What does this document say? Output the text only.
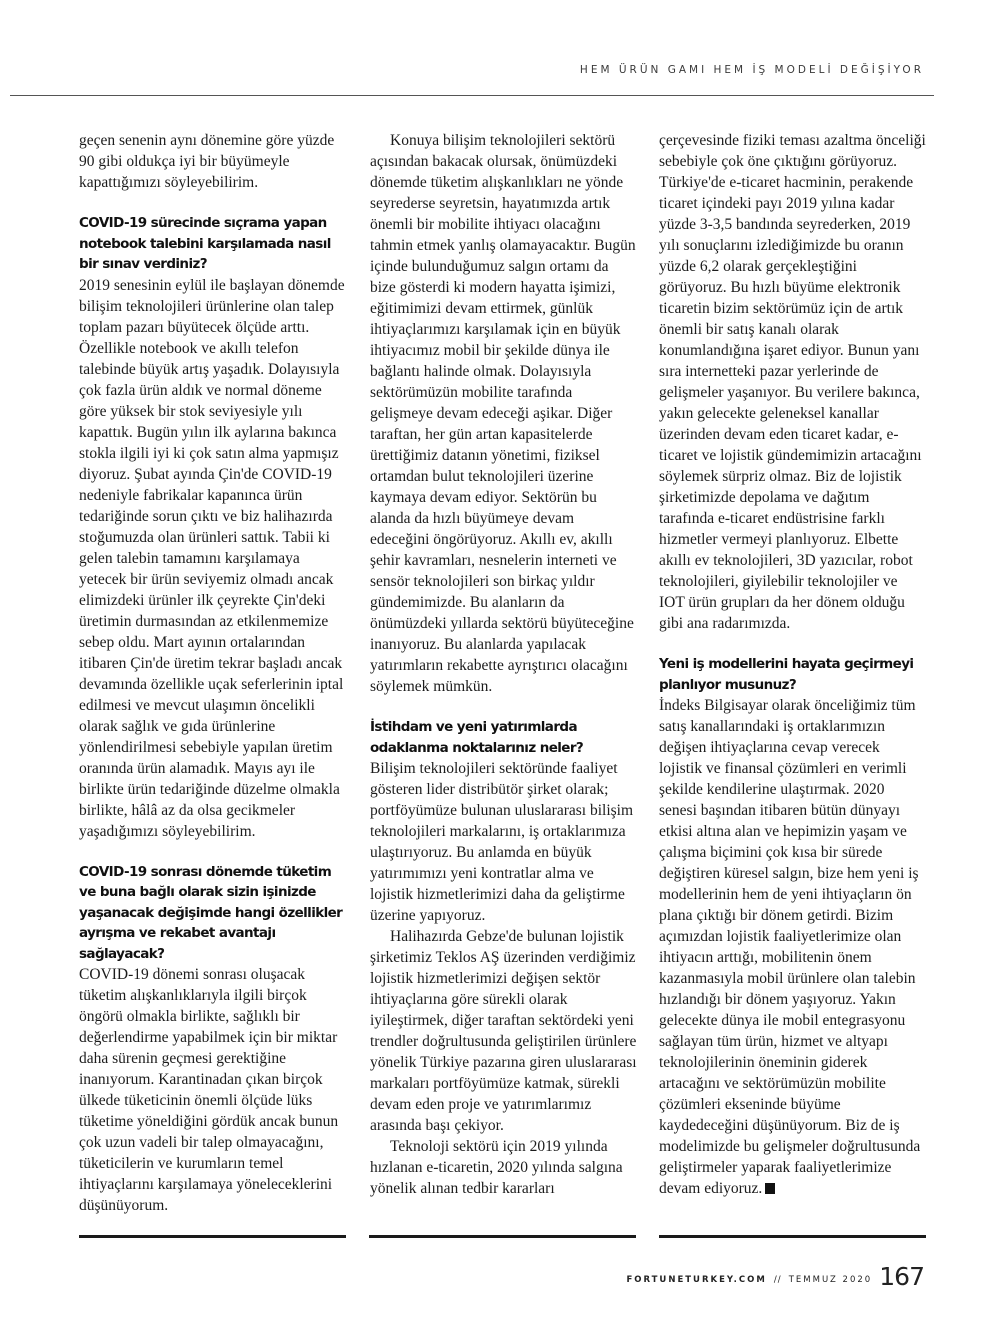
HEM ÜRÜN GAMI HEM İŞ MODELİ DEĞİŞİYOR

geçen senenin aynı dönemine göre yüzde 90 gibi oldukça iyi bir büyümeyle kapattığımızı söyleyebilirim.

COVID-19 sürecinde sıçrama yapan notebook talebini karşılamada nasıl bir sınav verdiniz?

2019 senesinin eylül ile başlayan dönemde bilişim teknolojileri ürünlerine olan talep toplam pazarı büyütecek ölçüde arttı. Özellikle notebook ve akıllı telefon talebinde büyük artış yaşadık. Dolayısıyla çok fazla ürün aldık ve normal döneme göre yüksek bir stok seviyesiyle yılı kapattık. Bugün yılın ilk aylarına bakınca stokla ilgili iyi ki çok satın alma yapmışız diyoruz. Şubat ayında Çin'de COVID-19 nedeniyle fabrikalar kapanınca ürün tedariğinde sorun çıktı ve biz halihazırda stoğumuzda olan ürünleri sattık. Tabii ki gelen talebin tamamını karşılamaya yetecek bir ürün seviyemiz olmadı ancak elimizdeki ürünler ilk çeyrekte Çin'deki üretimin durmasından az etkilenmemize sebep oldu. Mart ayının ortalarından itibaren Çin'de üretim tekrar başladı ancak devamında özellikle uçak seferlerinin iptal edilmesi ve mevcut ulaşımın öncelikli olarak sağlık ve gıda ürünlerine yönlendirilmesi sebebiyle yapılan üretim oranında ürün alamadık. Mayıs ayı ile birlikte ürün tedariğinde düzelme olmakla birlikte, hâlâ az da olsa gecikmeler yaşadığımızı söyleyebilirim.

COVID-19 sonrası dönemde tüketim ve buna bağlı olarak sizin işinizde yaşanacak değişimde hangi özellikler ayrışma ve rekabet avantajı sağlayacak?

COVID-19 dönemi sonrası oluşacak tüketim alışkanlıklarıyla ilgili birçok öngörü olmakla birlikte, sağlıklı bir değerlendirme yapabilmek için bir miktar daha sürenin geçmesi gerektiğine inanıyorum. Karantinadan çıkan birçok ülkede tüketicinin önemli ölçüde lüks tüketime yöneldiğini gördük ancak bunun çok uzun vadeli bir talep olmayacağını, tüketicilerin ve kurumların temel ihtiyaçlarını karşılamaya yöneleceklerini düşünüyorum.

Konuya bilişim teknolojileri sektörü açısından bakacak olursak, önümüzdeki dönemde tüketim alışkanlıkları ne yönde seyrederse seyretsin, hayatımızda artık önemli bir mobilite ihtiyacı olacağını tahmin etmek yanlış olamayacaktır. Bugün içinde bulunduğumuz salgın ortamı da bize gösterdi ki modern hayatta işimizi, eğitimimizi devam ettirmek, günlük ihtiyaçlarımızı karşılamak için en büyük ihtiyacımız mobil bir şekilde dünya ile bağlantı halinde olmak. Dolayısıyla sektörümüzün mobilite tarafında gelişmeye devam edeceği aşikar. Diğer taraftan, her gün artan kapasitelerde ürettiğimiz datanın yönetimi, fiziksel ortamdan bulut teknolojileri üzerine kaymaya devam ediyor. Sektörün bu alanda da hızlı büyümeye devam edeceğini öngörüyoruz. Akıllı ev, akıllı şehir kavramları, nesnelerin interneti ve sensör teknolojileri son birkaç yıldır gündemimizde. Bu alanların da önümüzdeki yıllarda sektörü büyüteceğine inanıyoruz. Bu alanlarda yapılacak yatırımların rekabette ayrıştırıcı olacağını söylemek mümkün.

İstihdam ve yeni yatırımlarda odaklanma noktalarınız neler?

Bilişim teknolojileri sektöründe faaliyet gösteren lider distribütör şirket olarak; portföyümüze bulunan uluslararası bilişim teknolojileri markalarını, iş ortaklarımıza ulaştırıyoruz. Bu anlamda en büyük yatırımımızı yeni kontratlar alma ve lojistik hizmetlerimizi daha da geliştirme üzerine yapıyoruz.

Halihazırda Gebze'de bulunan lojistik şirketimiz Teklos AŞ üzerinden verdiğimiz lojistik hizmetlerimizi değişen sektör ihtiyaçlarına göre sürekli olarak iyileştirmek, diğer taraftan sektördeki yeni trendler doğrultusunda geliştirilen ürünlere yönelik Türkiye pazarına giren uluslararası markaları portföyümüze katmak, sürekli devam eden proje ve yatırımlarımız arasında başı çekiyor.

Teknoloji sektörü için 2019 yılında hızlanan e-ticaretin, 2020 yılında salgına yönelik alınan tedbir kararları

çerçevesinde fiziki teması azaltma önceliği sebebiyle çok öne çıktığını görüyoruz. Türkiye'de e-ticaret hacminin, perakende ticaret içindeki payı 2019 yılına kadar yüzde 3-3,5 bandında seyrederken, 2019 yılı sonuçlarını izlediğimizde bu oranın yüzde 6,2 olarak gerçekleştiğini görüyoruz. Bu hızlı büyüme elektronik ticaretin bizim sektörümüz için de artık önemli bir satış kanalı olarak konumlandığına işaret ediyor. Bunun yanı sıra internetteki pazar yerlerinde de gelişmeler yaşanıyor. Bu verilere bakınca, yakın gelecekte geleneksel kanallar üzerinden devam eden ticaret kadar, e-ticaret ve lojistik gündemimizin artacağını söylemek sürpriz olmaz. Biz de lojistik şirketimizde depolama ve dağıtım tarafında e-ticaret endüstrisine farklı hizmetler vermeyi planlıyoruz. Elbette akıllı ev teknolojileri, 3D yazıcılar, robot teknolojileri, giyilebilir teknolojiler ve IOT ürün grupları da her dönem olduğu gibi ana radarımızda.

Yeni iş modellerini hayata geçirmeyi planlıyor musunuz?

İndeks Bilgisayar olarak önceliğimiz tüm satış kanallarındaki iş ortaklarımızın değişen ihtiyaçlarına cevap verecek lojistik ve finansal çözümleri en verimli şekilde kendilerine ulaştırmak. 2020 senesi başından itibaren bütün dünyayı etkisi altına alan ve hepimizin yaşam ve çalışma biçimini çok kısa bir sürede değiştiren küresel salgın, bize hem yeni iş modellerinin hem de yeni ihtiyaçların ön plana çıktığı bir dönem getirdi. Bizim açımızdan lojistik faaliyetlerimize olan ihtiyacın arttığı, mobilitenin önem kazanmasıyla mobil ürünlere olan talebin hızlandığı bir dönem yaşıyoruz. Yakın gelecekte dünya ile mobil entegrasyonu sağlayan tüm ürün, hizmet ve altyapı teknolojilerinin öneminin giderek artacağını ve sektörümüzün mobilite çözümleri ekseninde büyüme kaydedeceğini düşünüyorum. Biz de iş modelimizde bu gelişmeler doğrultusunda geliştirmeler yaparak faaliyetlerimize devam ediyoruz.

FORTUNETURKEY.COM // TEMMUZ 2020 167
